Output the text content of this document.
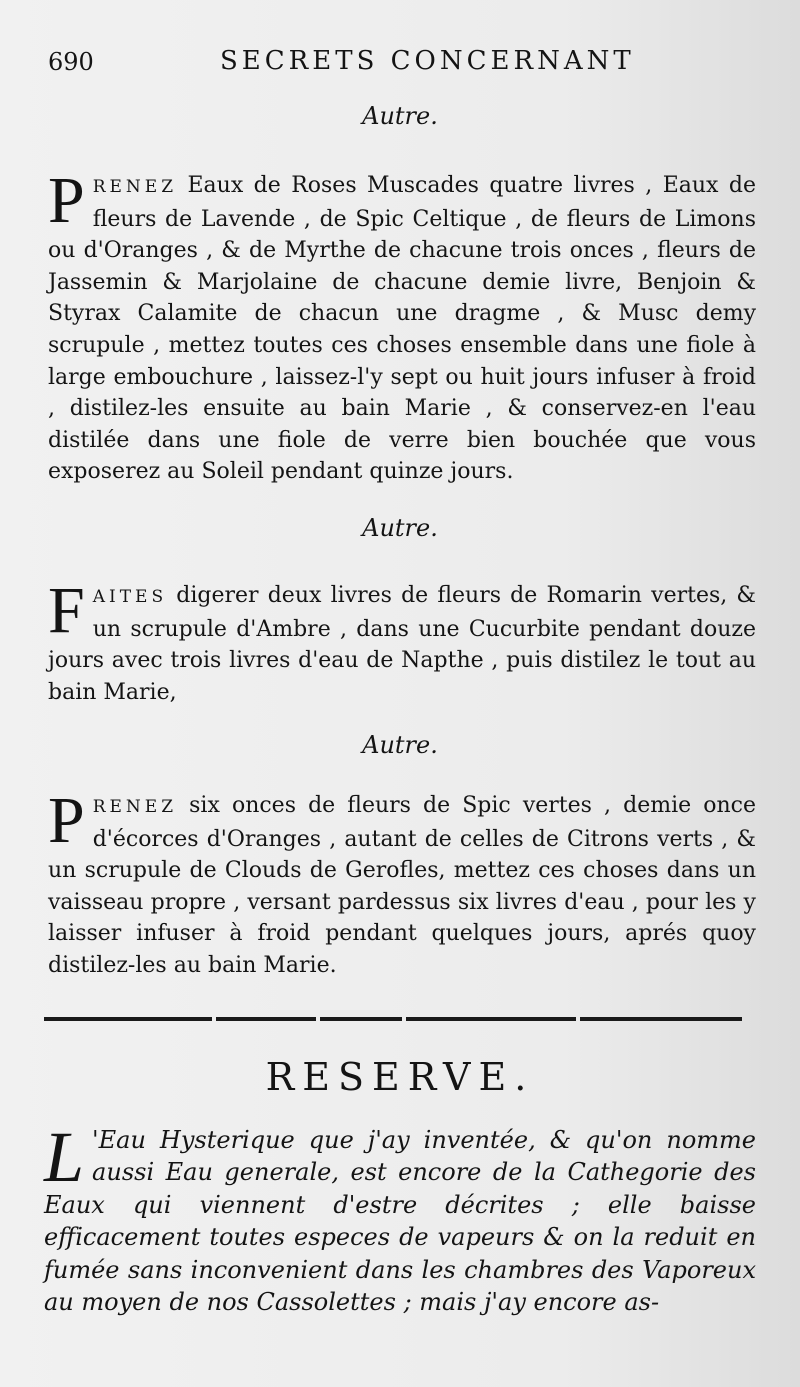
690	SECRETS CONCERNANT
Autre.
PRENEZ Eaux de Roses Muscades quatre livres , Eaux de fleurs de Lavende , de Spic Celtique , de fleurs de Limons ou d'Oranges , & de Myrthe de chacune trois onces , fleurs de Jassemin & Marjolaine de chacune demie livre, Benjoin & Styrax Calamite de chacun une dragme , & Musc demy scrupule , mettez toutes ces choses ensemble dans une fiole à large embouchure , laissez-l'y sept ou huit jours infuser à froid , distilez-les ensuite au bain Marie , & conservez-en l'eau distilée dans une fiole de verre bien bouchée que vous exposerez au Soleil pendant quinze jours.
Autre.
FAITES digerer deux livres de fleurs de Romarin vertes, & un scrupule d'Ambre , dans une Cucurbite pendant douze jours avec trois livres d'eau de Napthe , puis distilez le tout au bain Marie,
Autre.
PRENEZ six onces de fleurs de Spic vertes , demie once d'écorces d'Oranges , autant de celles de Citrons verts , & un scrupule de Clouds de Gerofles, mettez ces choses dans un vaisseau propre , versant pardessus six livres d'eau , pour les y laisser infuser à froid pendant quelques jours, aprés quoy distilez-les au bain Marie.
RESERVE.
L 'Eau Hysterique que j'ay inventée, & qu'on nomme aussi Eau generale, est encore de la Cathegorie des Eaux qui viennent d'estre décrites ; elle baisse efficacement toutes especes de vapeurs & on la reduit en fumée sans inconvenient dans les chambres des Vaporeux au moyen de nos Cassolettes ; mais j'ay encore as-
